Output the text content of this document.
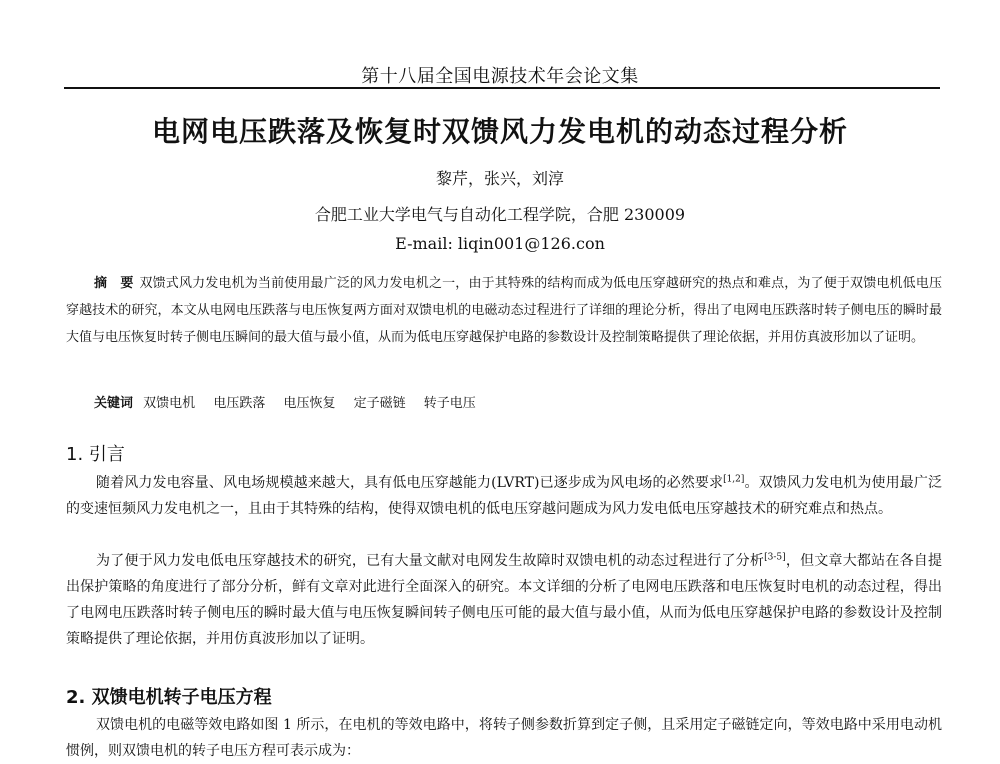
第十八届全国电源技术年会论文集
电网电压跌落及恢复时双馈风力发电机的动态过程分析
黎芹，张兴，刘淳
合肥工业大学电气与自动化工程学院，合肥 230009
E-mail: liqin001@126.con
摘　要 双馈式风力发电机为当前使用最广泛的风力发电机之一，由于其特殊的结构而成为低电压穿越研究的热点和难点，为了便于双馈电机低电压穿越技术的研究，本文从电网电压跌落与电压恢复两方面对双馈电机的电磁动态过程进行了详细的理论分析，得出了电网电压跌落时转子侧电压的瞬时最大值与电压恢复时转子侧电压瞬间的最大值与最小值，从而为低电压穿越保护电路的参数设计及控制策略提供了理论依据，并用仿真波形加以了证明。
关键词 双馈电机 电压跌落 电压恢复 定子磁链 转子电压
1. 引言
随着风力发电容量、风电场规模越来越大，具有低电压穿越能力(LVRT)已逐步成为风电场的必然要求[1,2]。双馈风力发电机为使用最广泛的变速恒频风力发电机之一，且由于其特殊的结构，使得双馈电机的低电压穿越问题成为风力发电低电压穿越技术的研究难点和热点。
为了便于风力发电低电压穿越技术的研究，已有大量文献对电网发生故障时双馈电机的动态过程进行了分析[3-5]，但文章大都站在各自提出保护策略的角度进行了部分分析，鲜有文章对此进行全面深入的研究。本文详细的分析了电网电压跌落和电压恢复时电机的动态过程，得出了电网电压跌落时转子侧电压的瞬时最大值与电压恢复瞬间转子侧电压可能的最大值与最小值，从而为低电压穿越保护电路的参数设计及控制策略提供了理论依据，并用仿真波形加以了证明。
2. 双馈电机转子电压方程
双馈电机的电磁等效电路如图 1 所示，在电机的等效电路中，将转子侧参数折算到定子侧，且采用定子磁链定向，等效电路中采用电动机惯例，则双馈电机的转子电压方程可表示成为：
